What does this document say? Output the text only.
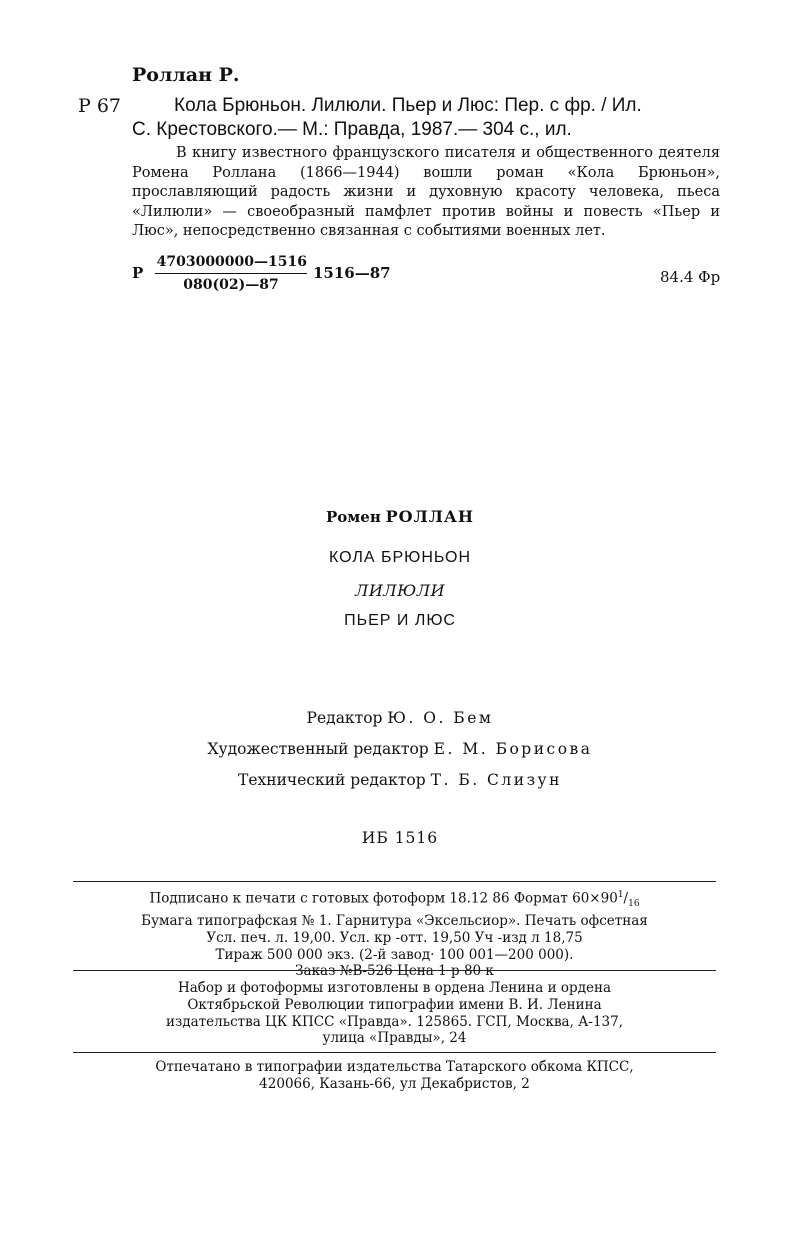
Роллан Р.
Р 67	Кола Брюньон. Лилюли. Пьер и Люс: Пер. с фр. / Ил.
С. Крестовского.— М.: Правда, 1987.— 304 с., ил.

В книгу известного французского писателя и общественного деятеля Ромена Роллана (1866—1944) вошли роман «Кола Брюньон», прославляющий радость жизни и духовную красоту человека, пьеса «Лилюли» — своеобразный памфлет против войны и повесть «Пьер и Люс», непосредственно связанная с событиями военных лет.

Р $\frac{4703000000—1516}{080(02)—87}$ 1516—87	84.4 Фр
Ромен РОЛЛАН
КОЛА БРЮНЬОН
ЛИЛЮЛИ
ПЬЕР И ЛЮС
Редактор Ю. О. Бем
Художественный редактор Е. М. Борисова
Технический редактор Т. Б. Слизун
ИБ 1516
Подписано к печати с готовых фотоформ 18.12 86 Формат $60\times 90^1/_{16}$
Бумага типографская № 1. Гарнитура «Эксельсиор». Печать офсетная
Усл. печ. л. 19,00. Усл. кр -отт. 19,50 Уч -изд л 18,75
Тираж 500 000 экз. (2-й завод· 100 001—200 000).
Заказ №В-526 Цена 1 р 80 к
Набор и фотоформы изготовлены в ордена Ленина и ордена
Октябрьской Революции типографии имени В. И. Ленина
издательства ЦК КПСС «Правда». 125865. ГСП, Москва, А-137,
улица «Правды», 24
Отпечатано в типографии издательства Татарского обкома КПСС,
420066, Казань-66, ул Декабристов, 2
